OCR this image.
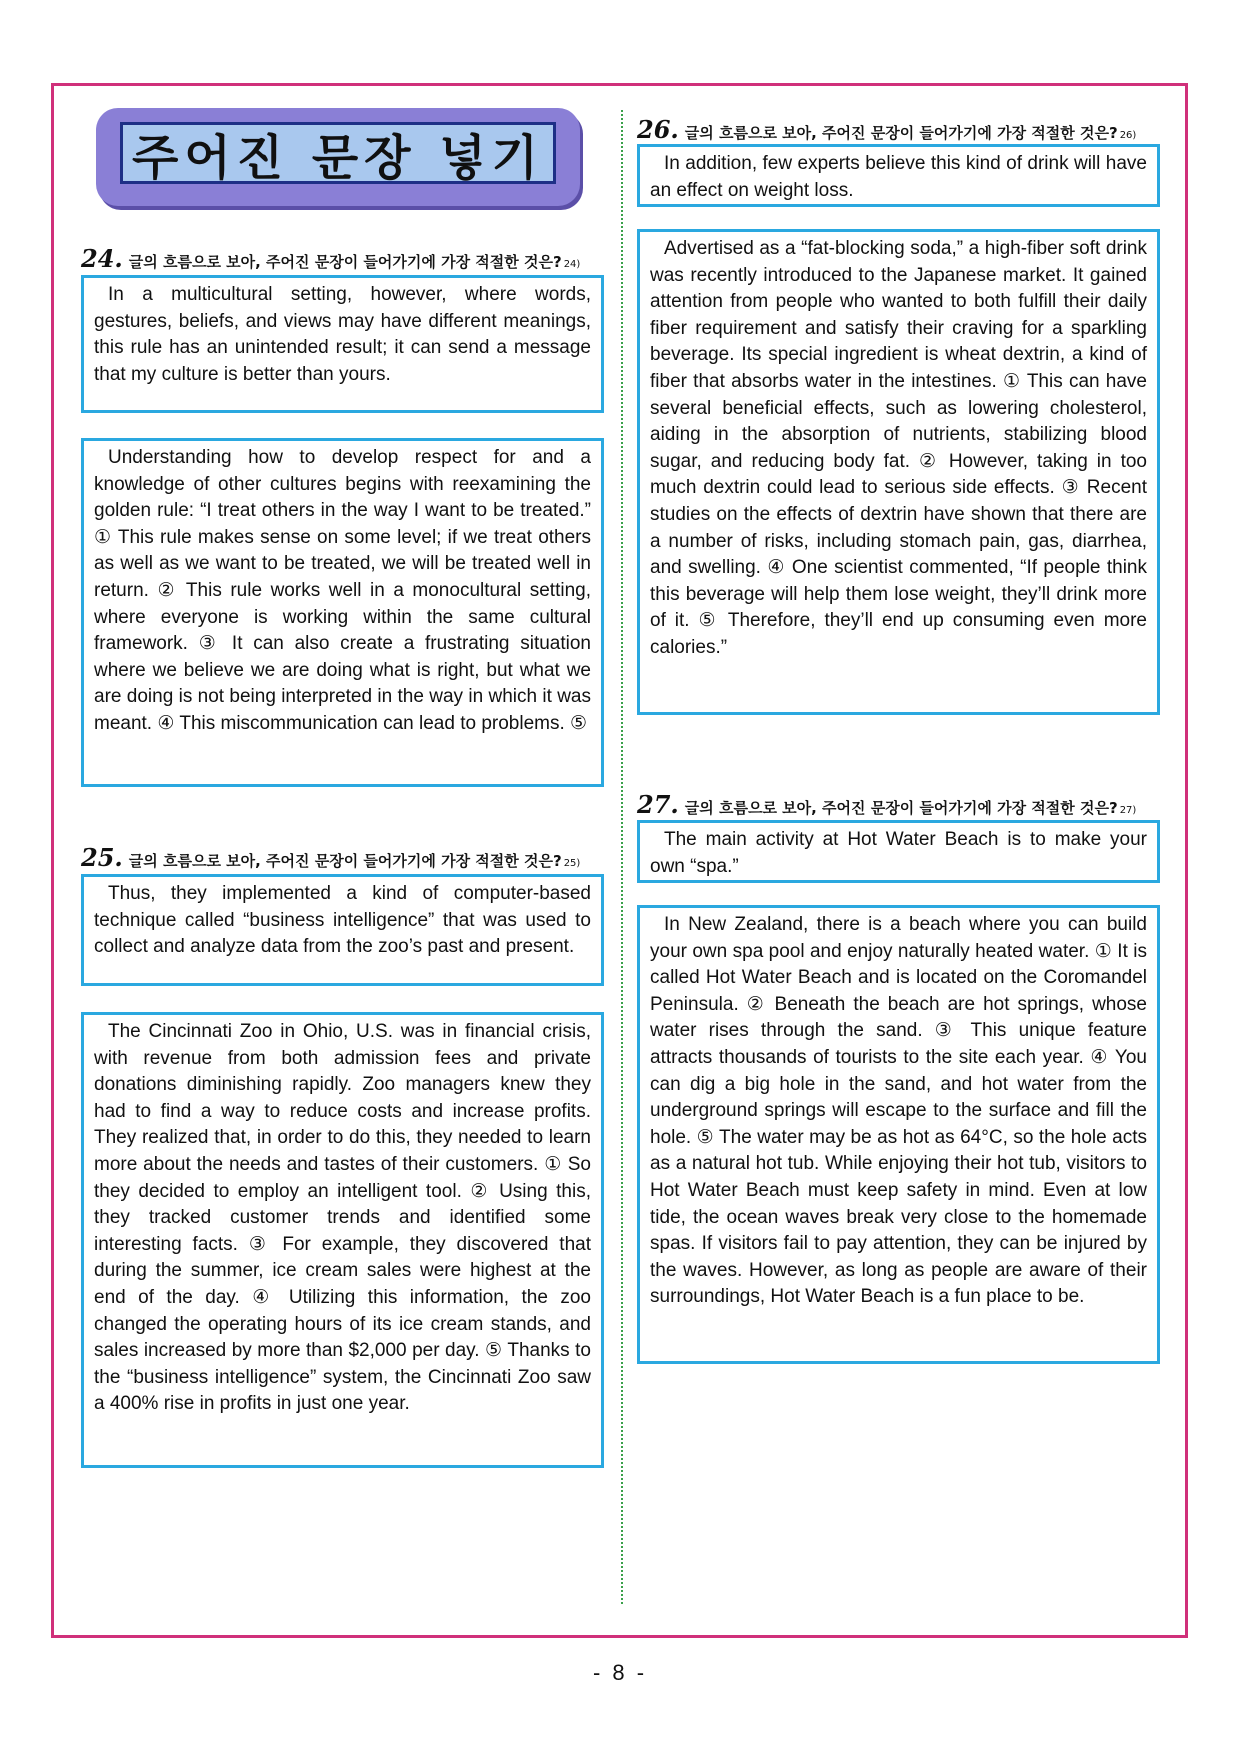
주어진 문장 넣기
24. 글의 흐름으로 보아, 주어진 문장이 들어가기에 가장 적절한 것은? 24)

In a multicultural setting, however, where words, gestures, beliefs, and views may have different meanings, this rule has an unintended result; it can send a message that my culture is better than yours.

Understanding how to develop respect for and a knowledge of other cultures begins with reexamining the golden rule: “I treat others in the way I want to be treated.” ① This rule makes sense on some level; if we treat others as well as we want to be treated, we will be treated well in return. ② This rule works well in a monocultural setting, where everyone is working within the same cultural framework. ③ It can also create a frustrating situation where we believe we are doing what is right, but what we are doing is not being interpreted in the way in which it was meant. ④ This miscommunication can lead to problems. ⑤

25. 글의 흐름으로 보아, 주어진 문장이 들어가기에 가장 적절한 것은? 25)

Thus, they implemented a kind of computer-based technique called “business intelligence” that was used to collect and analyze data from the zoo’s past and present.

The Cincinnati Zoo in Ohio, U.S. was in financial crisis, with revenue from both admission fees and private donations diminishing rapidly. Zoo managers knew they had to find a way to reduce costs and increase profits. They realized that, in order to do this, they needed to learn more about the needs and tastes of their customers. ① So they decided to employ an intelligent tool. ② Using this, they tracked customer trends and identified some interesting facts. ③ For example, they discovered that during the summer, ice cream sales were highest at the end of the day. ④ Utilizing this information, the zoo changed the operating hours of its ice cream stands, and sales increased by more than $2,000 per day. ⑤ Thanks to the “business intelligence” system, the Cincinnati Zoo saw a 400% rise in profits in just one year.

26. 글의 흐름으로 보아, 주어진 문장이 들어가기에 가장 적절한 것은? 26)

In addition, few experts believe this kind of drink will have an effect on weight loss.

Advertised as a “fat-blocking soda,” a high-fiber soft drink was recently introduced to the Japanese market. It gained attention from people who wanted to both fulfill their daily fiber requirement and satisfy their craving for a sparkling beverage. Its special ingredient is wheat dextrin, a kind of fiber that absorbs water in the intestines. ① This can have several beneficial effects, such as lowering cholesterol, aiding in the absorption of nutrients, stabilizing blood sugar, and reducing body fat. ② However, taking in too much dextrin could lead to serious side effects. ③ Recent studies on the effects of dextrin have shown that there are a number of risks, including stomach pain, gas, diarrhea, and swelling. ④ One scientist commented, “If people think this beverage will help them lose weight, they’ll drink more of it. ⑤ Therefore, they’ll end up consuming even more calories.”

27. 글의 흐름으로 보아, 주어진 문장이 들어가기에 가장 적절한 것은? 27)

The main activity at Hot Water Beach is to make your own “spa.”

In New Zealand, there is a beach where you can build your own spa pool and enjoy naturally heated water. ① It is called Hot Water Beach and is located on the Coromandel Peninsula. ② Beneath the beach are hot springs, whose water rises through the sand. ③ This unique feature attracts thousands of tourists to the site each year. ④ You can dig a big hole in the sand, and hot water from the underground springs will escape to the surface and fill the hole. ⑤ The water may be as hot as 64°C, so the hole acts as a natural hot tub. While enjoying their hot tub, visitors to Hot Water Beach must keep safety in mind. Even at low tide, the ocean waves break very close to the homemade spas. If visitors fail to pay attention, they can be injured by the waves. However, as long as people are aware of their surroundings, Hot Water Beach is a fun place to be.

- 8 -
